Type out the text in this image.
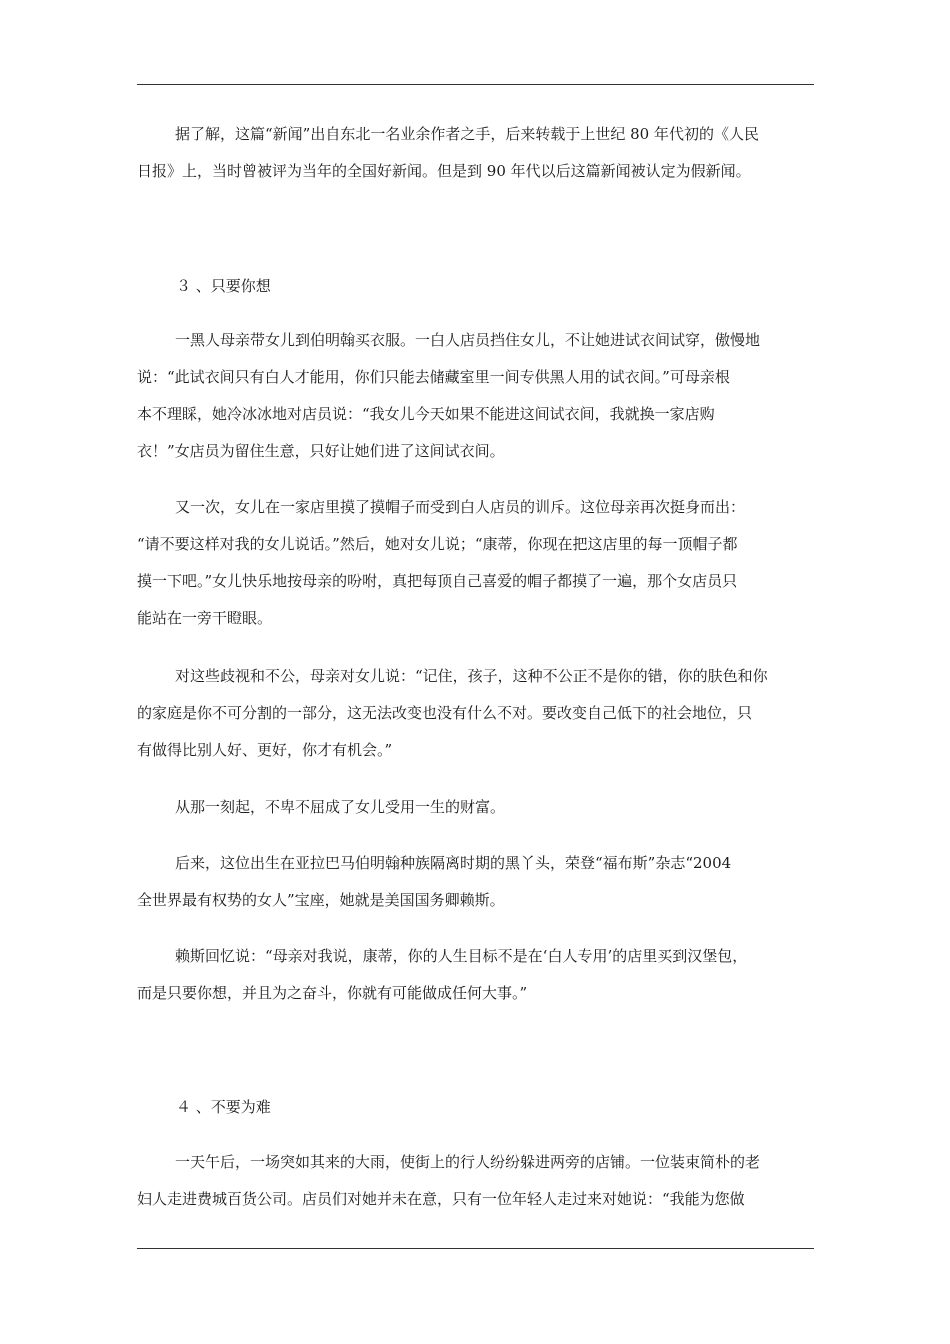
据了解，这篇“新闻”出自东北一名业余作者之手，后来转载于上世纪 80 年代初的《人民
日报》上，当时曾被评为当年的全国好新闻。但是到 90 年代以后这篇新闻被认定为假新闻。

３ 、只要你想

一黑人母亲带女儿到伯明翰买衣服。一白人店员挡住女儿，不让她进试衣间试穿，傲慢地
说：“此试衣间只有白人才能用，你们只能去储藏室里一间专供黑人用的试衣间。”可母亲根
本不理睬，她冷冰冰地对店员说：“我女儿今天如果不能进这间试衣间，我就换一家店购
衣！”女店员为留住生意，只好让她们进了这间试衣间。

又一次，女儿在一家店里摸了摸帽子而受到白人店员的训斥。这位母亲再次挺身而出：
“请不要这样对我的女儿说话。”然后，她对女儿说；“康蒂，你现在把这店里的每一顶帽子都
摸一下吧。”女儿快乐地按母亲的吩咐，真把每顶自己喜爱的帽子都摸了一遍，那个女店员只
能站在一旁干瞪眼。

对这些歧视和不公，母亲对女儿说：“记住，孩子，这种不公正不是你的错，你的肤色和你
的家庭是你不可分割的一部分，这无法改变也没有什么不对。要改变自己低下的社会地位，只
有做得比别人好、更好，你才有机会。”

从那一刻起，不卑不屈成了女儿受用一生的财富。

后来，这位出生在亚拉巴马伯明翰种族隔离时期的黑丫头，荣登“福布斯”杂志“2004
全世界最有权势的女人”宝座，她就是美国国务卿赖斯。

赖斯回忆说：“母亲对我说，康蒂，你的人生目标不是在‘白人专用’的店里买到汉堡包，
而是只要你想，并且为之奋斗，你就有可能做成任何大事。”

４ 、不要为难

一天午后，一场突如其来的大雨，使街上的行人纷纷躲进两旁的店铺。一位装束简朴的老
妇人走进费城百货公司。店员们对她并未在意，只有一位年轻人走过来对她说：“我能为您做
